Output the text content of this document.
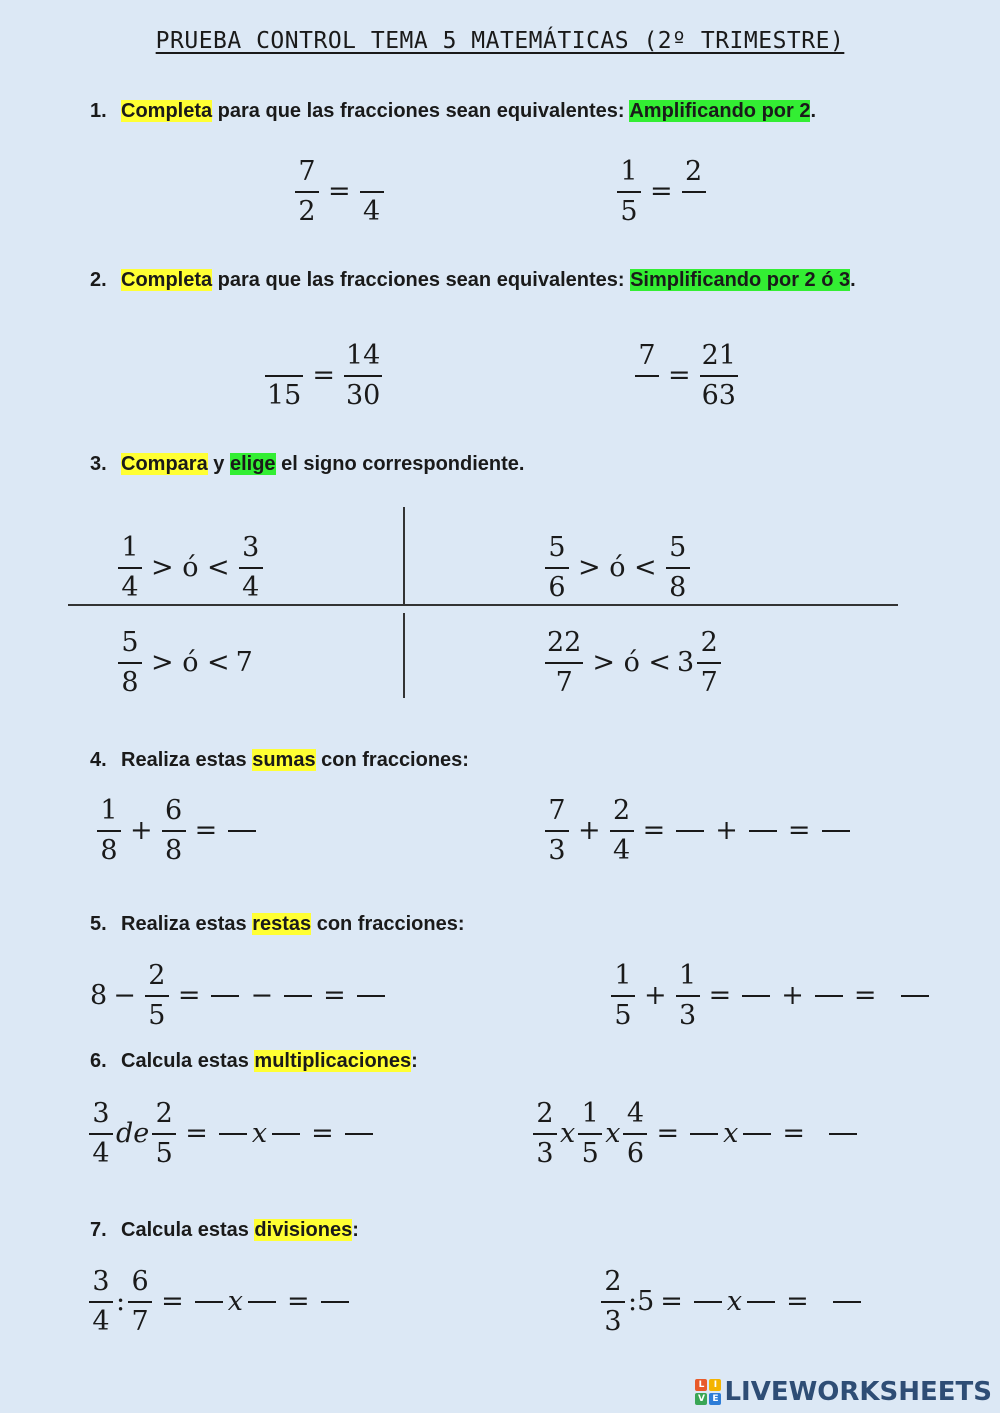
PRUEBA CONTROL TEMA 5 MATEMÁTICAS (2º TRIMESTRE)
1. Completa para que las fracciones sean equivalentes: Amplificando por 2.
$\frac{7}{2}$ =
4	$\frac{1}{5}$ =
2
2. Completa para que las fracciones sean equivalentes: Simplificando por 2 ó 3.
15
= $\frac{14}{30}$	7
= $\frac{21}{63}$
3. Compara y elige el signo correspondiente.
$\frac{1}{4}$ > ó < $\frac{3}{4}$	$\frac{5}{6}$ > ó < $\frac{5}{8}$
$\frac{5}{8}$ > ó < 7	$\frac{22}{7}$ > ó < $3 \frac{2}{7}$
4. Realiza estas sumas con fracciones:
$\frac{1}{8} + \frac{6}{8}$ =	$\frac{7}{3} + \frac{2}{4}$ = + =
5. Realiza estas restas con fracciones:
$8 - \frac{2}{5}$ = − =	$\frac{1}{5} + \frac{1}{3}$ = + =
6. Calcula estas multiplicaciones:
$\frac{3}{4}$ de $\frac{2}{5} = x$ =	$\frac{2}{3}$ x $\frac{1}{5}$ x $\frac{4}{6} = x$ =
7. Calcula estas divisiones:
$\frac{3}{4}$ : $\frac{6}{7} = x$ =	$\frac{2}{3}$ : 5 = x =
L	I
V E LIVEWORKSHEETS
